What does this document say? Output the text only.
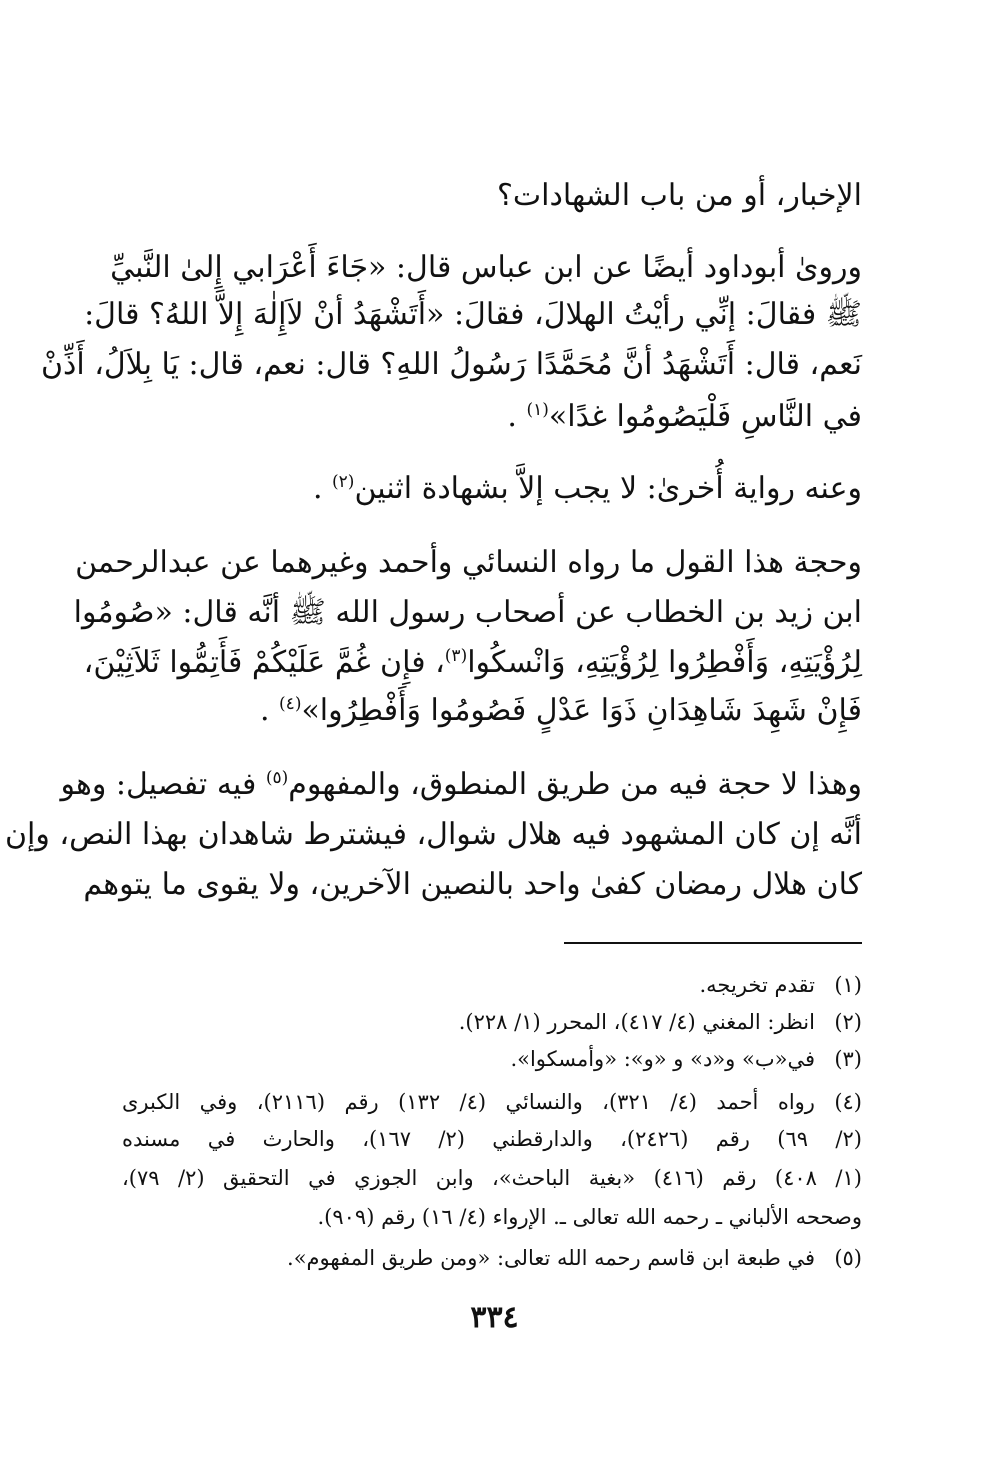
الإخبار، أو من باب الشهادات؟
وروىٰ أبوداود أيضًا عن ابن عباس قال: «جَاءَ أَعْرَابي إِلىٰ النَّبيِّ
ﷺ فقالَ: إنِّي رأيْتُ الهلالَ، فقالَ: «أَتَشْهَدُ أنْ لاَإِلٰهَ إِلاَّ اللهُ؟ قالَ:
نَعم، قال: أَتَشْهَدُ أنَّ مُحَمَّدًا رَسُولُ اللهِ؟ قال: نعم، قال: يَا بِلاَلُ، أَذِّنْ
في النَّاسِ فَلْيَصُومُوا غدًا»$^{(١)}$ .
وعنه رواية أُخرىٰ: لا يجب إلاَّ بشهادة اثنين$^{(٢)}$ .
وحجة هذا القول ما رواه النسائي وأحمد وغيرهما عن عبدالرحمن
ابن زيد بن الخطاب عن أصحاب رسول الله ﷺ أنَّه قال: «صُومُوا
لِرُؤْيَتِهِ، وَأَفْطِرُوا لِرُؤْيَتِهِ، وَانْسكُوا$^{(٣)}$، فإِن غُمَّ عَلَيْكُمْ فَأَتِمُّوا ثَلاَثِيْنَ،
فَإِنْ شَهِدَ شَاهِدَانِ ذَوَا عَدْلٍ فَصُومُوا وَأَفْطِرُوا»$^{(٤)}$ .
وهذا لا حجة فيه من طريق المنطوق، والمفهوم$^{(٥)}$ فيه تفصيل: وهو
أنَّه إن كان المشهود فيه هلال شوال، فيشترط شاهدان بهذا النص، وإن
كان هلال رمضان كفىٰ واحد بالنصين الآخرين، ولا يقوى ما يتوهم
(١)
تقدم تخريجه.
(٢)
انظر: المغني (٤/ ٤١٧)، المحرر (١/ ٢٢٨).
(٣)
في«ب» و«د» و «و»: «وأمسكوا».
(٤)
رواه أحمد (٤/ ٣٢١)، والنسائي (٤/ ١٣٢) رقم (٢١١٦)، وفي الكبرى
(٢/ ٦٩) رقم (٢٤٢٦)، والدارقطني (٢/ ١٦٧)، والحارث في مسنده
(١/ ٤٠٨) رقم (٤١٦) «بغية الباحث»، وابن الجوزي في التحقيق (٢/ ٧٩)،
وصححه الألباني ـ رحمه الله تعالى ـ. الإرواء (٤/ ١٦) رقم (٩٠٩).
(٥)
في طبعة ابن قاسم رحمه الله تعالى: «ومن طريق المفهوم».
٣٣٤
